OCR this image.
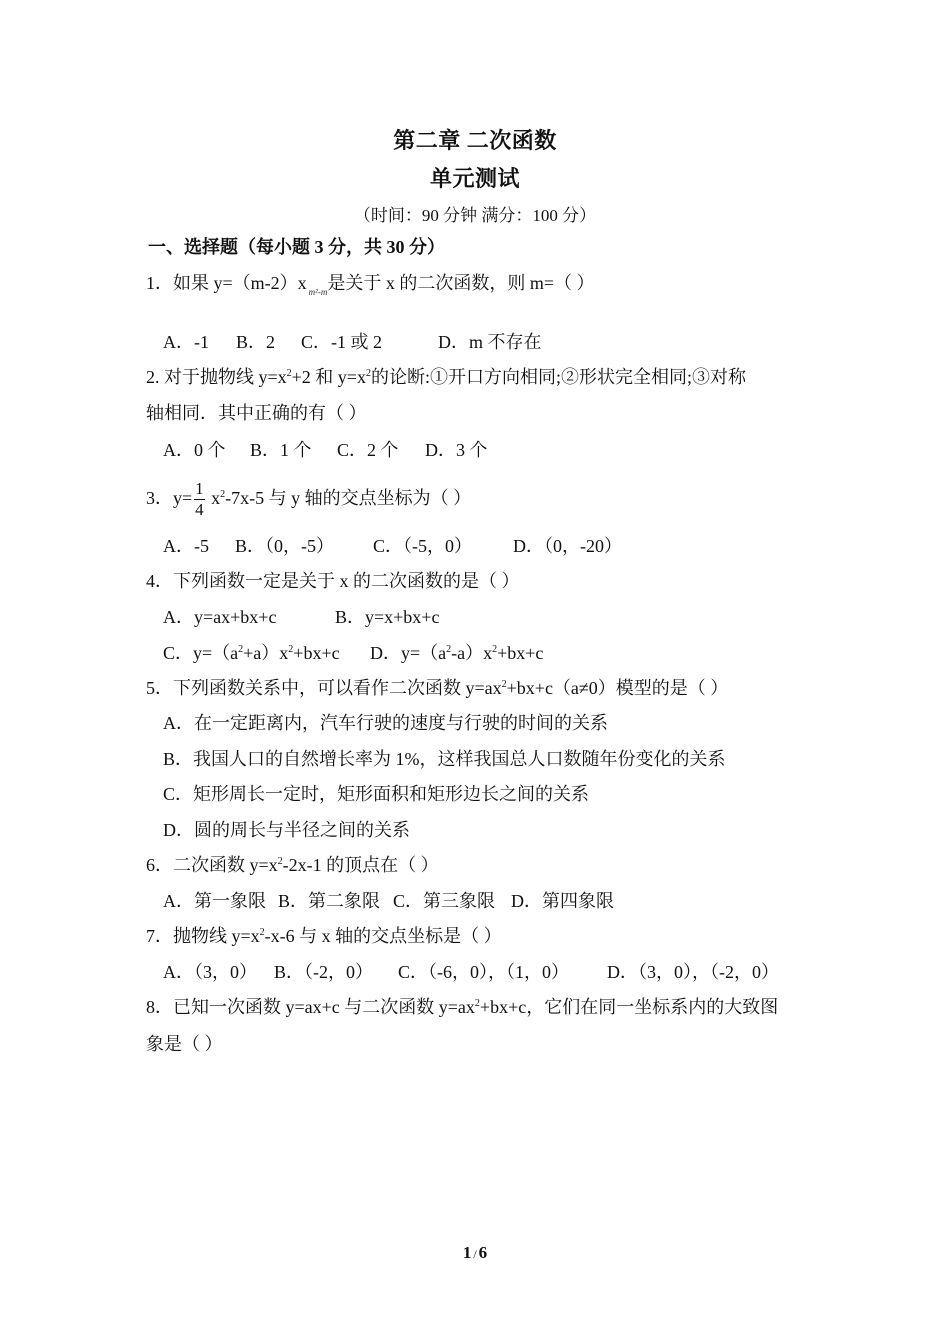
第二章 二次函数
单元测试
（时间：90 分钟 满分：100 分）
一、选择题（每小题 3 分，共 30 分）
1．如果 y=（m-2）x $_{m^2-m}$是关于 x 的二次函数，则 m=（ ）
A．-1 B．2 C．-1 或 2	D．m 不存在
2. 对于抛物线 $y=x^2+2$ 和 $y=x^2$的论断:①开口方向相同;②形状完全相同;③对称
轴相同．其中正确的有（ ）
A．0 个 B．1 个 C．2 个 D．3 个
3．$y= \frac{1}{4} x^2-7x-5$ 与 y 轴的交点坐标为（ ）
A．-5 B．（0，-5） C．（-5，0） D．（0，-20）
4．下列函数一定是关于 x 的二次函数的是（ ）
A．y=ax+bx+c	B．y=x+bx+c
C．$y=(a^2+a)x^2+bx+c$ D．$y=(a^2-a)x^2+bx+c$
5．下列函数关系中，可以看作二次函数 $y=ax^2+bx+c(a\ne 0)$模型的是（ ）
A．在一定距离内，汽车行驶的速度与行驶的时间的关系
B．我国人口的自然增长率为 1%，这样我国总人口数随年份变化的关系
C．矩形周长一定时，矩形面积和矩形边长之间的关系
D．圆的周长与半径之间的关系
6．二次函数 $y=x^2-2x-1$ 的顶点在（ ）
A．第一象限 B．第二象限 C．第三象限 D．第四象限
7．抛物线 $y=x^2-x-6$ 与 x 轴的交点坐标是（ ）
A．（3，0） B．（-2，0） C．（-6，0），（1，0） D．（3，0），（-2，0）
8．已知一次函数 y=ax+c 与二次函数 $y=ax^2+bx+c$，它们在同一坐标系内的大致图
象是（ ）
1 / 6
